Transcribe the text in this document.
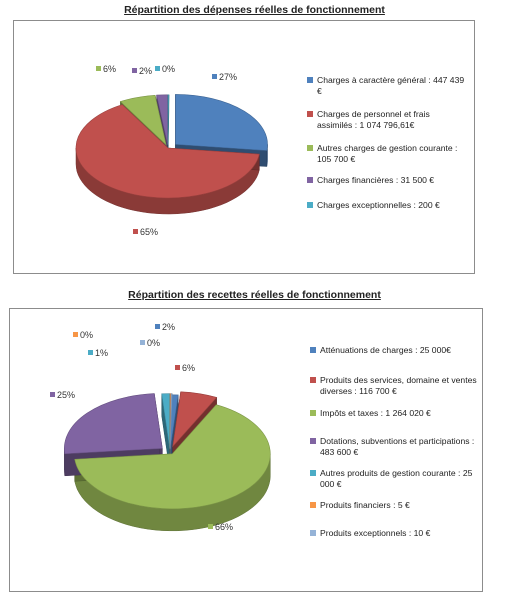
Répartition des dépenses réelles de fonctionnement
Charges à caractère général : 447 439 €
Charges de personnel et frais assimilés : 1 074 796,61€
Autres charges de gestion courante : 105 700 €
Charges financières : 31 500 €
Charges exceptionnelles : 200 €
Répartition des recettes réelles de fonctionnement
Atténuations de charges : 25 000€
Produits des services, domaine et ventes diverses : 116 700 €
Impôts et taxes : 1 264 020 €
Dotations, subventions et participations : 483 600 €
Autres produits de gestion courante : 25 000 €
Produits financiers : 5 €
Produits exceptionnels : 10 €
27%
65%
6%	2% 0%
2%
6%
66%
25%
1%
0%
0%
